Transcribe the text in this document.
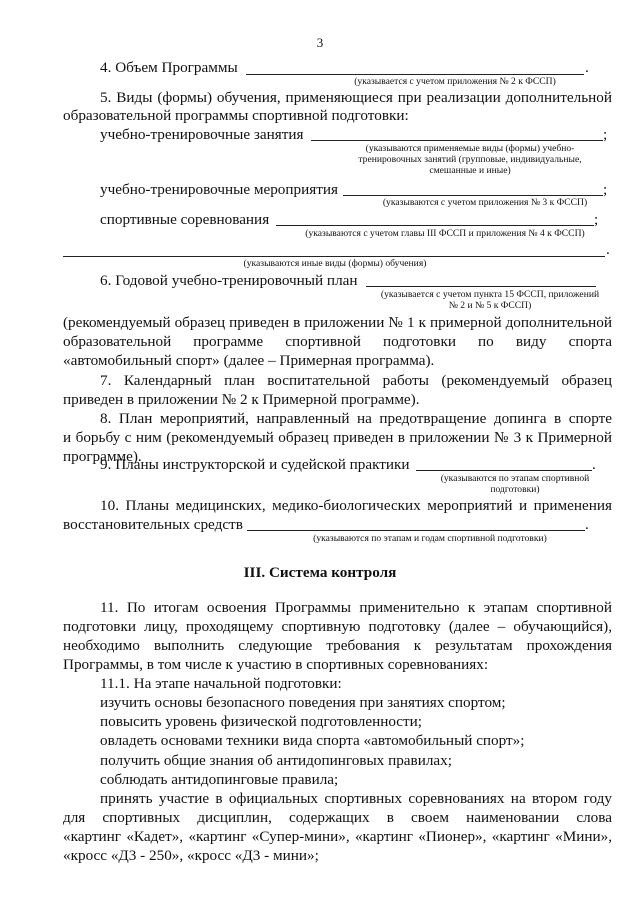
3
4. Объем Программы	.
(указывается с учетом приложения № 2 к ФССП)
5. Виды (формы) обучения, применяющиеся при реализации дополнительной
образовательной программы спортивной подготовки:
учебно-тренировочные занятия	;
(указываются применяемые виды (формы) учебно-тренировочных занятий (групповые, индивидуальные, смешанные и иные)
учебно-тренировочные мероприятия	;
(указываются с учетом приложения № 3 к ФССП)
спортивные соревнования	;
(указываются с учетом главы III ФССП и приложения № 4 к ФССП)
.
(указываются иные виды (формы) обучения)
6. Годовой учебно-тренировочный план
(указывается с учетом пункта 15 ФССП, приложений № 2 и № 5 к ФССП)
(рекомендуемый образец приведен в приложении № 1 к примерной дополнительной
образовательной программе спортивной подготовки по виду спорта
«автомобильный спорт» (далее – Примерная программа).
7. Календарный план воспитательной работы (рекомендуемый образец
приведен в приложении № 2 к Примерной программе).
8. План мероприятий, направленный на предотвращение допинга в спорте
и борьбу с ним (рекомендуемый образец приведен в приложении № 3 к Примерной
программе).
9. Планы инструкторской и судейской практики	.
(указываются по этапам спортивной подготовки)
10. Планы медицинских, медико-биологических мероприятий и применения
восстановительных средств	.
(указываются по этапам и годам спортивной подготовки)
III. Система контроля
11. По итогам освоения Программы применительно к этапам спортивной
подготовки лицу, проходящему спортивную подготовку (далее – обучающийся),
необходимо выполнить следующие требования к результатам прохождения
Программы, в том числе к участию в спортивных соревнованиях:
11.1. На этапе начальной подготовки:
изучить основы безопасного поведения при занятиях спортом;
повысить уровень физической подготовленности;
овладеть основами техники вида спорта «автомобильный спорт»;
получить общие знания об антидопинговых правилах;
соблюдать антидопинговые правила;
принять участие в официальных спортивных соревнованиях на втором году
для спортивных дисциплин, содержащих в своем наименовании слова
«картинг «Кадет», «картинг «Супер-мини», «картинг «Пионер», «картинг «Мини»,
«кросс «Д3 - 250», «кросс «Д3 - мини»;
